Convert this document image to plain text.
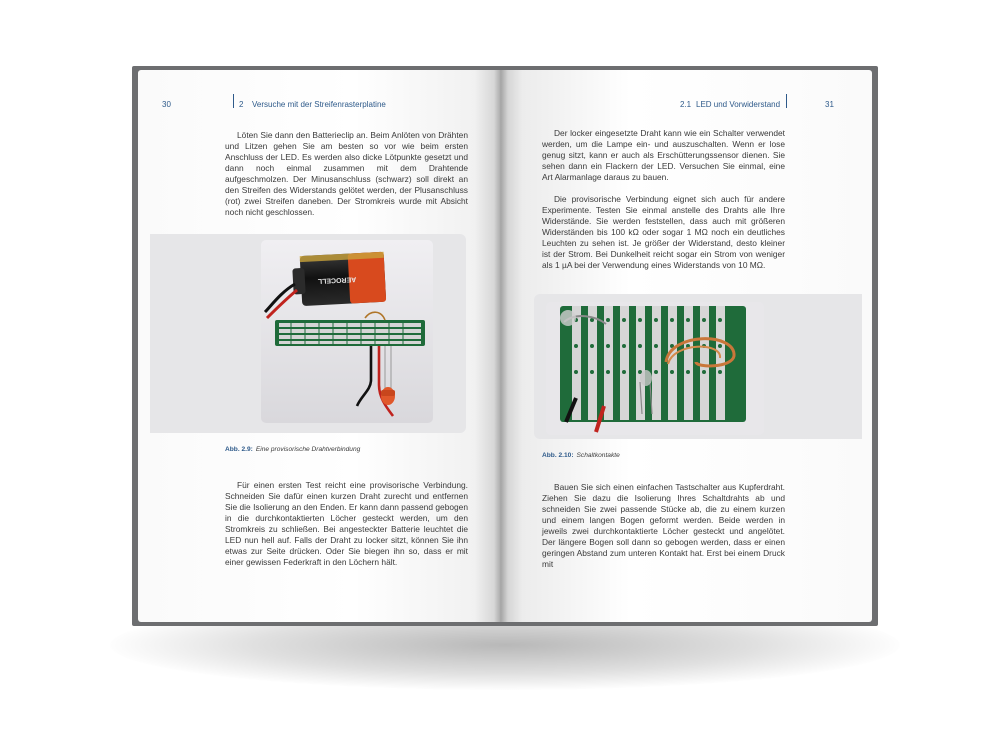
30	2 Versuche mit der Streifenrasterplatine

Löten Sie dann den Batterieclip an. Beim Anlöten von Drähten und Litzen gehen Sie am besten so vor wie beim ersten Anschluss der LED. Es werden also dicke Lötpunkte gesetzt und dann noch einmal zusammen mit dem Drahtende aufgeschmolzen. Der Minusanschluss (schwarz) soll direkt an den Streifen des Widerstands gelötet werden, der Plusanschluss (rot) zwei Streifen daneben. Der Stromkreis wurde mit Absicht noch nicht geschlossen.

AEROCELL
Abb. 2.9: Eine provisorische Drahtverbindung

Für einen ersten Test reicht eine provisorische Verbindung. Schneiden Sie dafür einen kurzen Draht zurecht und entfernen Sie die Isolierung an den Enden. Er kann dann passend gebogen in die durchkontaktierten Löcher gesteckt werden, um den Stromkreis zu schließen. Bei angesteckter Batterie leuchtet die LED nun hell auf. Falls der Draht zu locker sitzt, können Sie ihn etwas zur Seite drücken. Oder Sie biegen ihn so, dass er mit einer gewissen Federkraft in den Löchern hält.

2.1 LED und Vorwiderstand	31

Der locker eingesetzte Draht kann wie ein Schalter verwendet werden, um die Lampe ein- und auszuschalten. Wenn er lose genug sitzt, kann er auch als Erschütterungssensor dienen. Sie sehen dann ein Flackern der LED. Versuchen Sie einmal, eine Art Alarmanlage daraus zu bauen.

Die provisorische Verbindung eignet sich auch für andere Experimente. Testen Sie einmal anstelle des Drahts alle Ihre Widerstände. Sie werden feststellen, dass auch mit größeren Widerständen bis 100 kΩ oder sogar 1 MΩ noch ein deutliches Leuchten zu sehen ist. Je größer der Widerstand, desto kleiner ist der Strom. Bei Dunkelheit reicht sogar ein Strom von weniger als 1 µA bei der Verwendung eines Widerstands von 10 MΩ.

Abb. 2.10: Schaltkontakte

Bauen Sie sich einen einfachen Tastschalter aus Kupferdraht. Ziehen Sie dazu die Isolierung Ihres Schaltdrahts ab und schneiden Sie zwei passende Stücke ab, die zu einem kurzen und einem langen Bogen geformt werden. Beide werden in jeweils zwei durchkontaktierte Löcher gesteckt und angelötet. Der längere Bogen soll dann so gebogen werden, dass er einen geringen Abstand zum unteren Kontakt hat. Erst bei einem Druck mit
